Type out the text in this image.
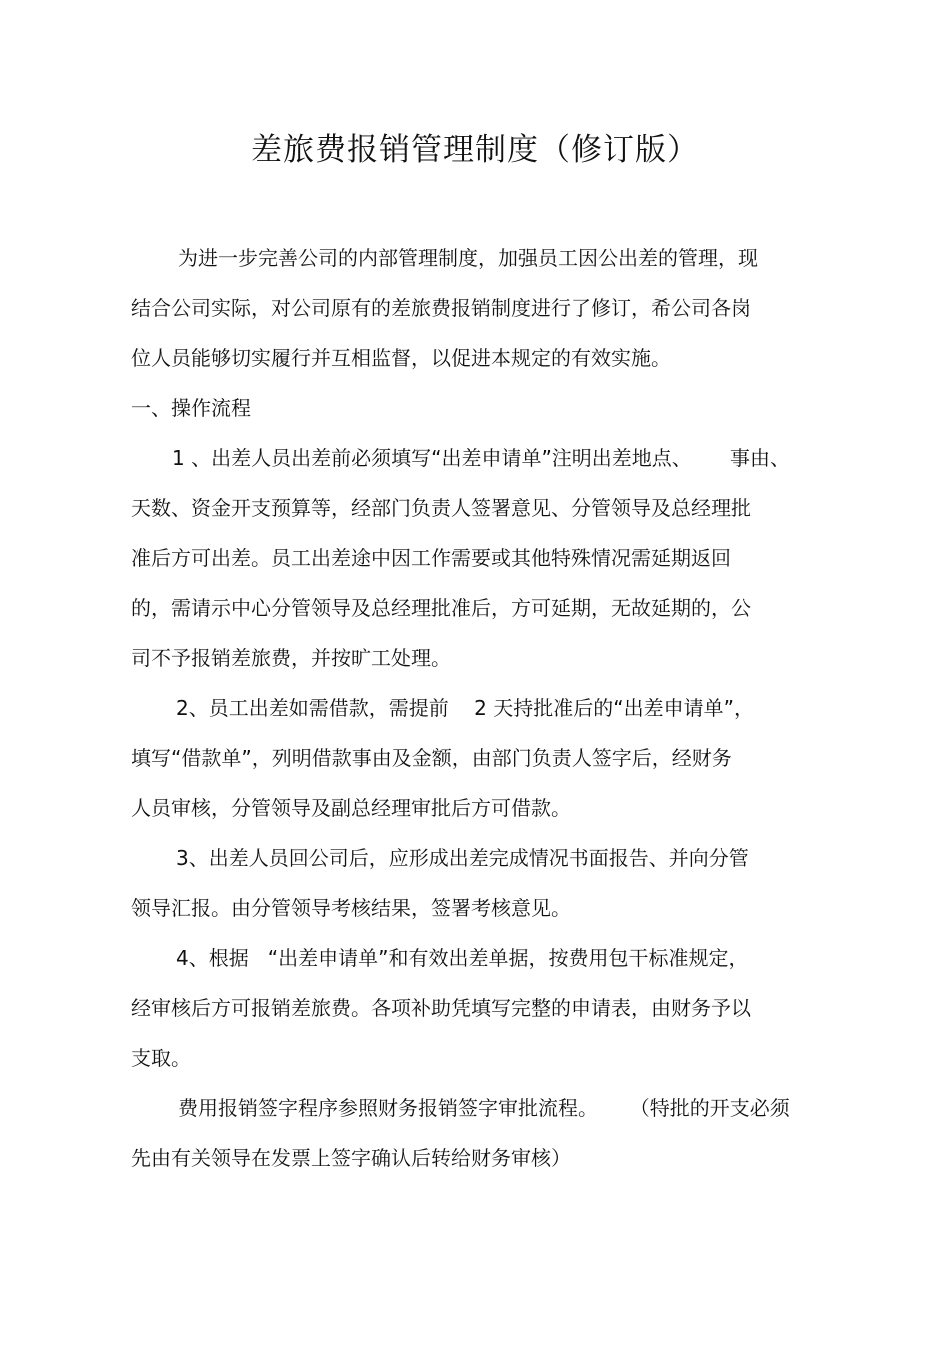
差旅费报销管理制度（修订版）
为进一步完善公司的内部管理制度，加强员工因公出差的管理，现
结合公司实际，对公司原有的差旅费报销制度进行了修订，希公司各岗
位人员能够切实履行并互相监督，以促进本规定的有效实施。
一、操作流程
1 、出差人员出差前必须填写“出差申请单”注明出差地点、      事由、
天数、资金开支预算等，经部门负责人签署意见、分管领导及总经理批
准后方可出差。员工出差途中因工作需要或其他特殊情况需延期返回
的，需请示中心分管领导及总经理批准后，方可延期，无故延期的，公
司不予报销差旅费，并按旷工处理。
2、员工出差如需借款，需提前    2 天持批准后的“出差申请单”，
填写“借款单”，列明借款事由及金额，由部门负责人签字后，经财务
人员审核，分管领导及副总经理审批后方可借款。
3、出差人员回公司后，应形成出差完成情况书面报告、并向分管
领导汇报。由分管领导考核结果，签署考核意见。
4、根据   “出差申请单”和有效出差单据，按费用包干标准规定，
经审核后方可报销差旅费。各项补助凭填写完整的申请表，由财务予以
支取。
费用报销签字程序参照财务报销签字审批流程。     （特批的开支必须
先由有关领导在发票上签字确认后转给财务审核）
